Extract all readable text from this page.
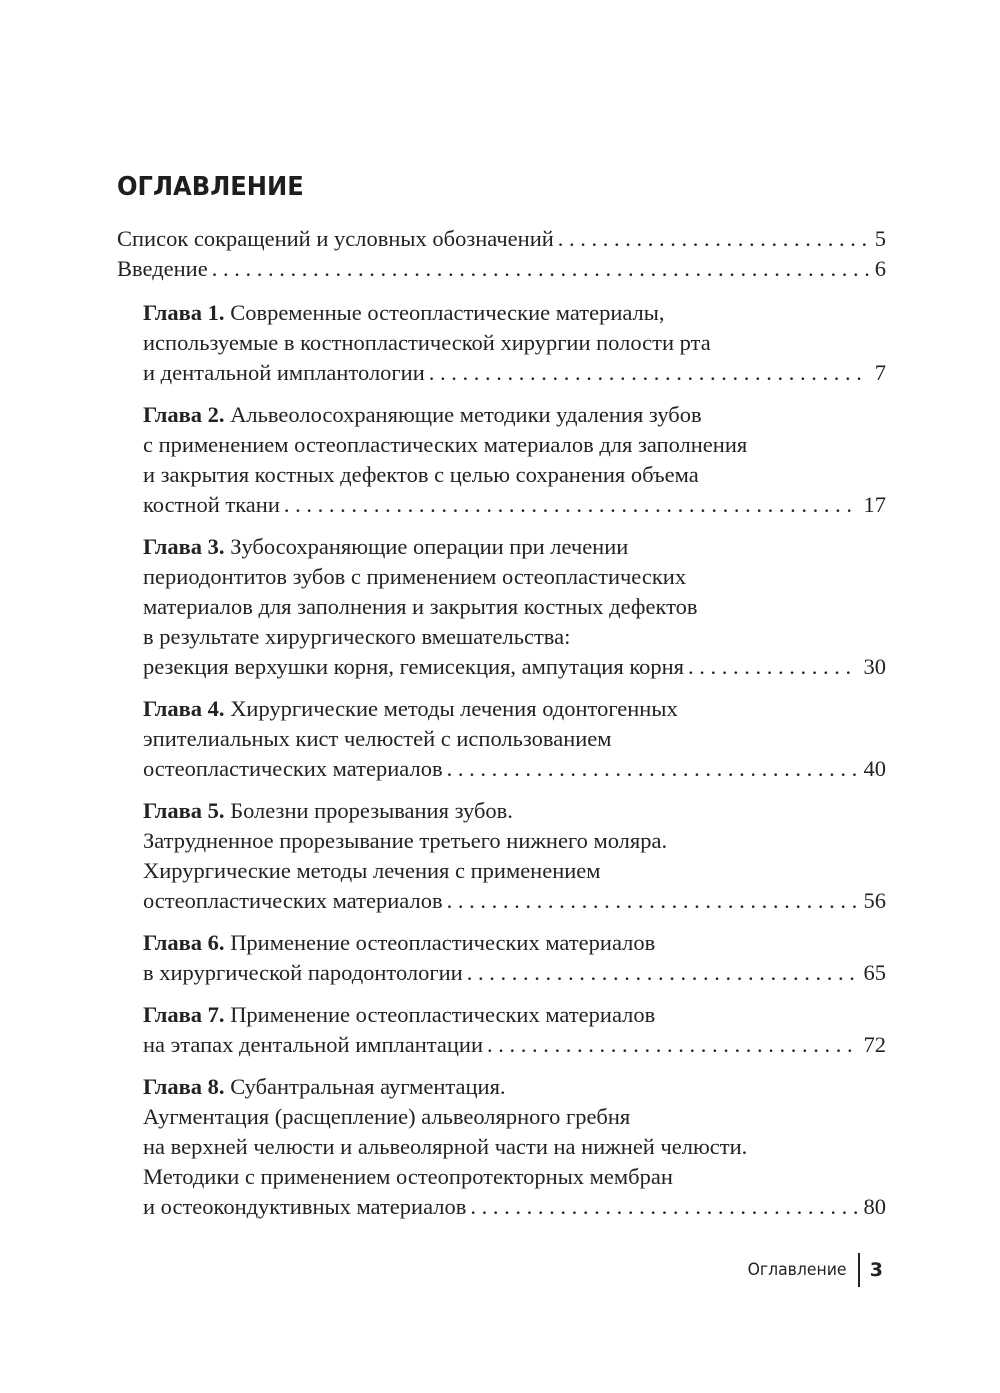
ОГЛАВЛЕНИЕ
Список сокращений и условных обозначений . . .	5
Введение . . .	6
Глава 1. Современные остеопластические материалы,
используемые в костнопластической хирургии полости рта
и дентальной имплантологии . . .	7
Глава 2. Альвеолосохраняющие методики удаления зубов
с применением остеопластических материалов для заполнения
и закрытия костных дефектов с целью сохранения объема
костной ткани . . .	17
Глава 3. Зубосохраняющие операции при лечении
периодонтитов зубов с применением остеопластических
материалов для заполнения и закрытия костных дефектов
в результате хирургического вмешательства:
резекция верхушки корня, гемисекция, ампутация корня . . .	30
Глава 4. Хирургические методы лечения одонтогенных
эпителиальных кист челюстей с использованием
остеопластических материалов . . .	40
Глава 5. Болезни прорезывания зубов.
Затрудненное прорезывание третьего нижнего моляра.
Хирургические методы лечения с применением
остеопластических материалов . . .	56
Глава 6. Применение остеопластических материалов
в хирургической пародонтологии . . .	65
Глава 7. Применение остеопластических материалов
на этапах дентальной имплантации . . .	72
Глава 8. Субантральная аугментация.
Аугментация (расщепление) альвеолярного гребня
на верхней челюсти и альвеолярной части на нижней челюсти.
Методики с применением остеопротекторных мембран
и остеокондуктивных материалов . . .	80
Оглавление	3
